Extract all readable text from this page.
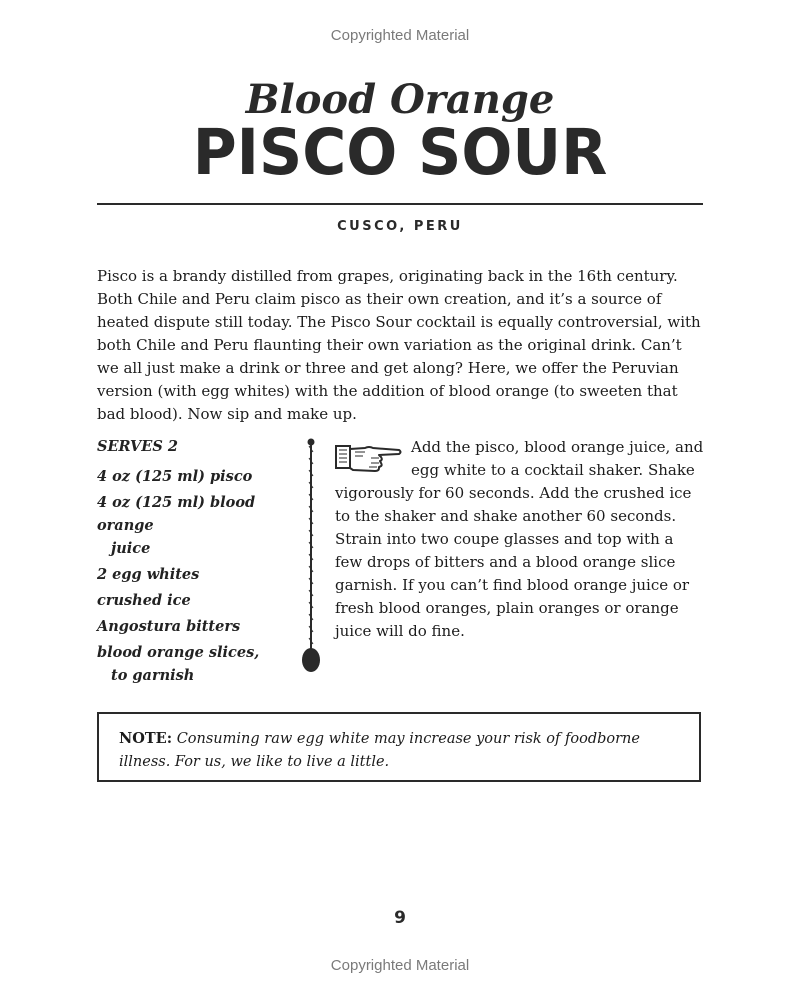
Copyrighted Material
Blood Orange
PISCO SOUR
CUSCO, PERU

Pisco is a brandy distilled from grapes, originating back in the 16th century. Both Chile and Peru claim pisco as their own creation, and it’s a source of heated dispute still today. The Pisco Sour cocktail is equally controversial, with both Chile and Peru flaunting their own variation as the original drink. Can’t we all just make a drink or three and get along? Here, we offer the Peruvian version (with egg whites) with the addition of blood orange (to sweeten that bad blood). Now sip and make up.

SERVES 2
4 oz (125 ml) pisco
4 oz (125 ml) blood orange
juice
2 egg whites
crushed ice
Angostura bitters
blood orange slices,
to garnish
Add the pisco, blood orange juice, and egg white to a cocktail shaker. Shake vigorously for 60 seconds. Add the crushed ice to the shaker and shake another 60 seconds. Strain into two coupe glasses and top with a few drops of bitters and a blood orange slice garnish. If you can’t find blood orange juice or fresh blood oranges, plain oranges or orange juice will do fine.

NOTE: Consuming raw egg white may increase your risk of foodborne illness. For us, we like to live a little.

9
Copyrighted Material
